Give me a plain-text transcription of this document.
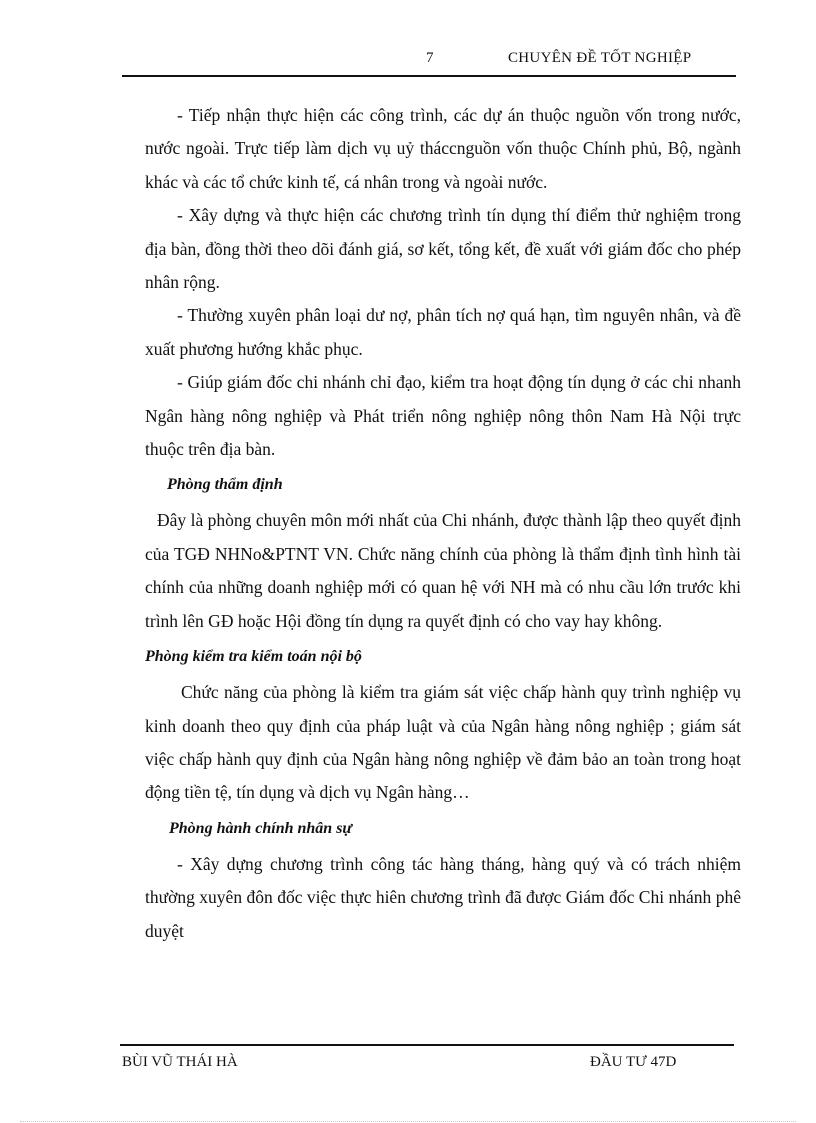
7	CHUYÊN ĐỀ TỐT NGHIỆP

- Tiếp nhận thực hiện các công trình, các dự án thuộc nguồn vốn trong nước, nước ngoài. Trực tiếp làm dịch vụ uỷ tháccnguồn vốn thuộc Chính phủ, Bộ, ngành khác và các tổ chức kinh tế, cá nhân trong và ngoài nước.

- Xây dựng và thực hiện các chương trình tín dụng thí điểm thử nghiệm trong địa bàn, đồng thời theo dõi đánh giá, sơ kết, tổng kết, đề xuất với giám đốc cho phép nhân rộng.

- Thường xuyên phân loại dư nợ, phân tích nợ quá hạn, tìm nguyên nhân, và đề xuất phương hướng khắc phục.

- Giúp giám đốc chi nhánh chỉ đạo, kiểm tra hoạt động tín dụng ở các chi nhanh Ngân hàng nông nghiệp và Phát triển nông nghiệp nông thôn Nam Hà Nội trực thuộc trên địa bàn.

Phòng thẩm định

Đây là phòng chuyên môn mới nhất của Chi nhánh, được thành lập theo quyết định của TGĐ NHNo&PTNT VN. Chức năng chính của phòng là thẩm định tình hình tài chính của những doanh nghiệp mới có quan hệ với NH mà có nhu cầu lớn trước khi trình lên GĐ hoặc Hội đồng tín dụng ra quyết định có cho vay hay không.

Phòng kiểm tra kiểm toán nội bộ

Chức năng của phòng là kiểm tra giám sát việc chấp hành quy trình nghiệp vụ kinh doanh theo quy định của pháp luật và của Ngân hàng nông nghiệp ; giám sát việc chấp hành quy định của Ngân hàng nông nghiệp về đảm bảo an toàn trong hoạt động tiền tệ, tín dụng và dịch vụ Ngân hàng…

Phòng hành chính nhân sự

- Xây dựng chương trình công tác hàng tháng, hàng quý và có trách nhiệm thường xuyên đôn đốc việc thực hiên chương trình đã được Giám đốc Chi nhánh phê duyệt

BÙI VŨ THÁI HÀ	ĐẦU TƯ 47D
